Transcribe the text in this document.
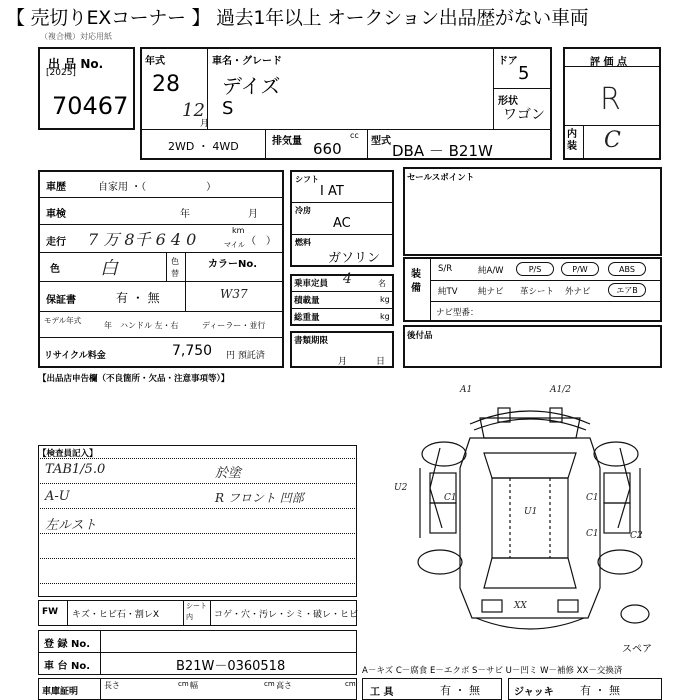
【 売切りEXコーナー 】 過去1年以上 オークション出品歴がない車両
（複合機）対応用紙
出 品 No.
[2025]
70467
年式
28
12
月
車名・グレード
デイズ
S
ドア
5
形状
ワゴン
2WD ・ 4WD	排気量
cc
660	型式
DBA － B21W
評 価 点
R
内装 C
車歴	自家用 ・（　　　　　　）
車検	年	月
走行 7 万 8千 6 4 0	km
マイル （　）
色 白	色替
カラーNo.
保証書	有 ・ 無	W37
モデル年式
年 ハンドル 左・右	ディーラー・並行
リサイクル料金	7,750 円 預託済
シフト
I AT
冷房
AC
燃料
ガソリン
乗車定員 4	名
積載量	kg
総重量	kg
書類期限
月	日
セールスポイント
装備
S/R	純A/W	P/S	P/W	ABS
純TV 純ナビ 革シート 外ナビ	エアB
ナビ型番：
後付品
【出品店申告欄（不良箇所・欠品・注意事項等）】
【検査員記入】
TAB1/5.0
A-U
左ルスト
於塗
R フロント 凹部
A1	A1/2
U2
C1	C1
U1
C1	C2
XX
スペア
FW キズ・ヒビ石・割レX
シート内	コゲ・穴・汚レ・シミ・破レ・ヒビ
登 録 No.
車 台 No.	B21W－0360518	A－キズ C－腐食 E－エクボ S－サビ U－凹ミ W－補修 XX－交換済
車庫証明
長さ	cm 幅	cm 高さ	cm
工 具	有 ・ 無	ジャッキ 有 ・ 無
